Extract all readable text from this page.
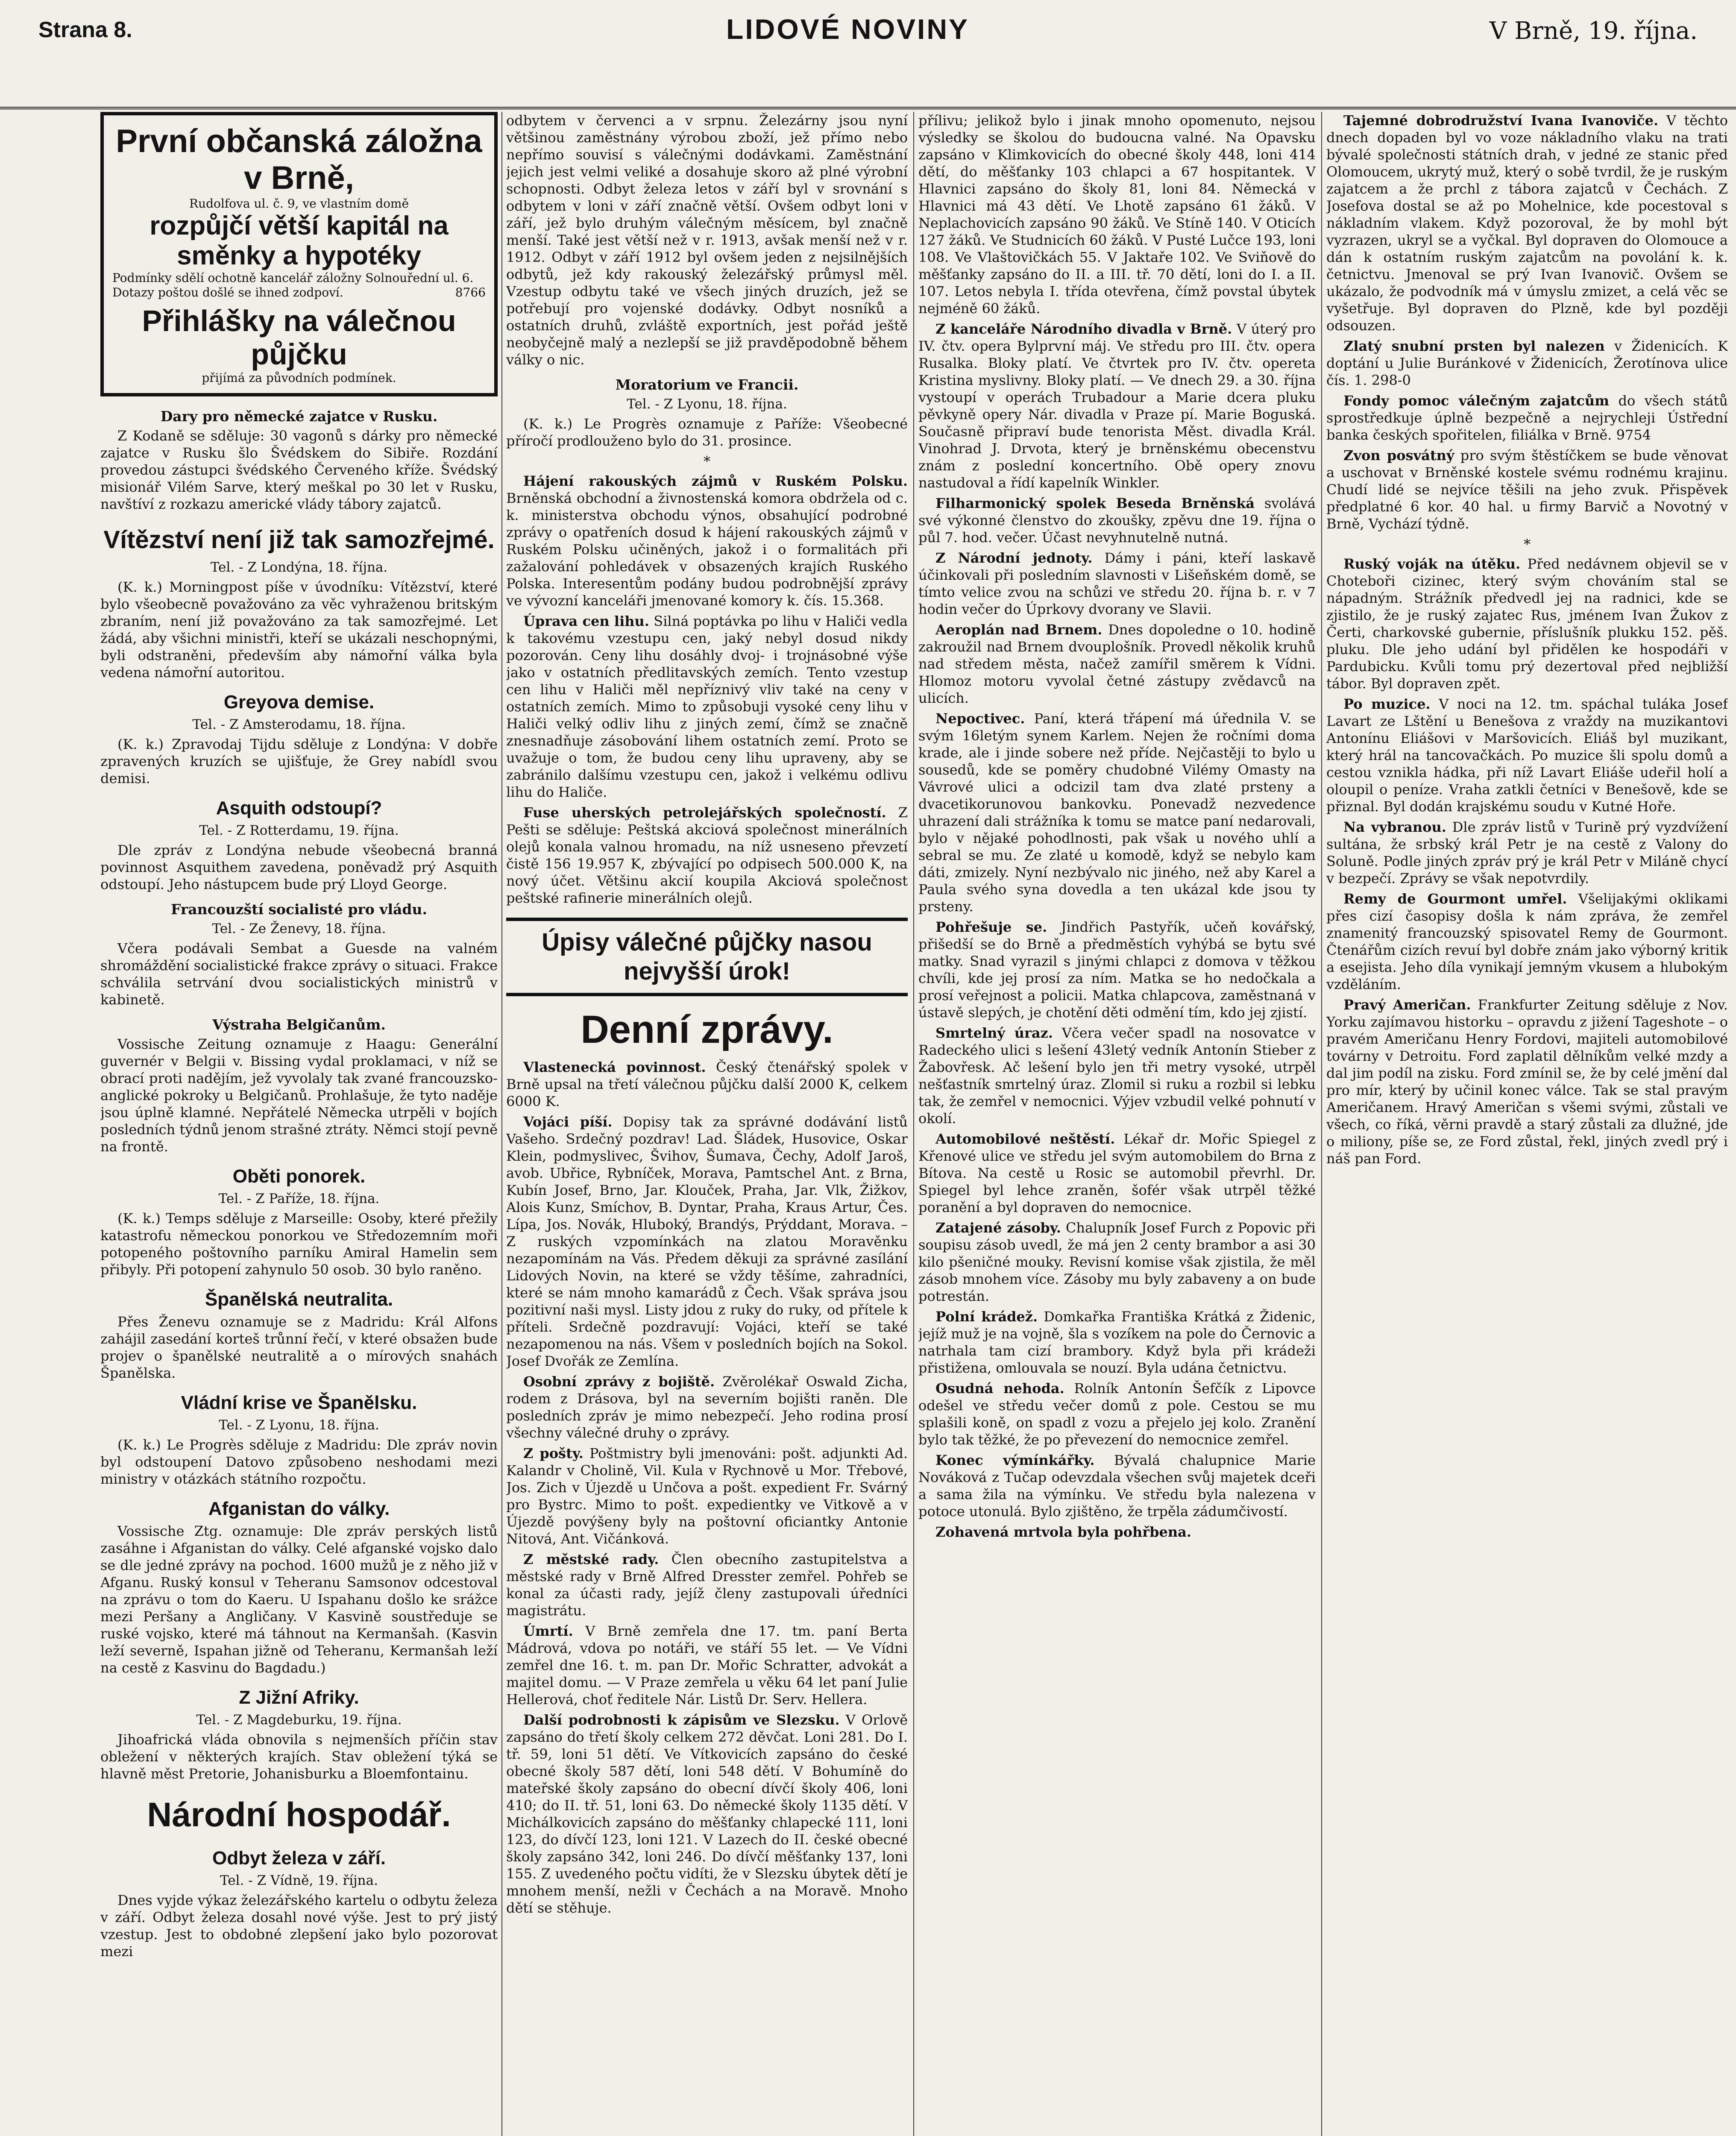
Strana 8.	LIDOVÉ NOVINY	V Brně, 19. října.
První občanská záložna v Brně,
Rudolfova ul. č. 9, ve vlastním domě
rozpůjčí větší kapitál na směnky a hypotéky
Podmínky sdělí ochotně kancelář záložny Solnouřední ul. 6. Dotazy poštou došlé se ihned zodpoví.	8766
Přihlášky na válečnou půjčku
přijímá za původních podmínek.
Dary pro německé zajatce v Rusku.

Z Kodaně se sděluje: 30 vagonů s dárky pro německé zajatce v Rusku šlo Švédskem do Sibiře. Rozdání provedou zástupci švédského Červeného kříže. Švédský misionář Vilém Sarve, který meškal po 30 let v Rusku, navštíví z rozkazu americké vlády tábory zajatců.

Vítězství není již tak samozřejmé.
Tel. - Z Londýna, 18. října.

(K. k.) Morningpost píše v úvodníku: Vítězství, které bylo všeobecně považováno za věc vyhraženou britským zbraním, není již považováno za tak samozřejmé. Let žádá, aby všichni ministři, kteří se ukázali neschopnými, byli odstraněni, především aby námořní válka byla vedena námořní autoritou.

Greyova demise.
Tel. - Z Amsterodamu, 18. října.

(K. k.) Zpravodaj Tijdu sděluje z Londýna: V dobře zpravených kruzích se ujišťuje, že Grey nabídl svou demisi.

Asquith odstoupí?
Tel. - Z Rotterdamu, 19. října.

Dle zpráv z Londýna nebude všeobecná branná povinnost Asquithem zavedena, poněvadž prý Asquith odstoupí. Jeho nástupcem bude prý Lloyd George.

Francouzští socialisté pro vládu.
Tel. - Ze Ženevy, 18. října.

Včera podávali Sembat a Guesde na valném shromáždění socialistické frakce zprávy o situaci. Frakce schválila setrvání dvou socialistických ministrů v kabinetě.

Výstraha Belgičanům.

Vossische Zeitung oznamuje z Haagu: Generální guvernér v Belgii v. Bissing vydal proklamaci, v níž se obrací proti nadějím, jež vyvolaly tak zvané francouzsko-anglické pokroky u Belgičanů. Prohlašuje, že tyto naděje jsou úplně klamné. Nepřátelé Německa utrpěli v bojích posledních týdnů jenom strašné ztráty. Němci stojí pevně na frontě.

Oběti ponorek.
Tel. - Z Paříže, 18. října.

(K. k.) Temps sděluje z Marseille: Osoby, které přežily katastrofu německou ponorkou ve Středozemním moři potopeného poštovního parníku Amiral Hamelin sem přibyly. Při potopení zahynulo 50 osob. 30 bylo raněno.

Španělská neutralita.

Přes Ženevu oznamuje se z Madridu: Král Alfons zahájil zasedání korteš trůnní řečí, v které obsažen bude projev o španělské neutralitě a o mírových snahách Španělska.

Vládní krise ve Španělsku.
Tel. - Z Lyonu, 18. října.

(K. k.) Le Progrès sděluje z Madridu: Dle zpráv novin byl odstoupení Datovo způsobeno neshodami mezi ministry v otázkách státního rozpočtu.

Afganistan do války.

Vossische Ztg. oznamuje: Dle zpráv perských listů zasáhne i Afganistan do války. Celé afganské vojsko dalo se dle jedné zprávy na pochod. 1600 mužů je z něho již v Afganu. Ruský konsul v Teheranu Samsonov odcestoval na zprávu o tom do Kaeru. U Ispahanu došlo ke srážce mezi Peršany a Angličany. V Kasvině soustředuje se ruské vojsko, které má táhnout na Kermanšah. (Kasvin leží severně, Ispahan jižně od Teheranu, Kermanšah leží na cestě z Kasvinu do Bagdadu.)

Z Jižní Afriky.
Tel. - Z Magdeburku, 19. října.

Jihoafrická vláda obnovila s nejmenších příčin stav obležení v některých krajích. Stav obležení týká se hlavně měst Pretorie, Johanisburku a Bloemfontainu.

Národní hospodář.
Odbyt železa v září.
Tel. - Z Vídně, 19. října.

Dnes vyjde výkaz železářského kartelu o odbytu železa v září. Odbyt železa dosahl nové výše. Jest to prý jistý vzestup. Jest to obdobné zlepšení jako bylo pozorovat mezi

odbytem v červenci a v srpnu. Železárny jsou nyní většinou zaměstnány výrobou zboží, jež přímo nebo nepřímo souvisí s válečnými dodávkami. Zaměstnání jejich jest velmi veliké a dosahuje skoro až plné výrobní schopnosti. Odbyt železa letos v září byl v srovnání s odbytem v loni v září značně větší. Ovšem odbyt loni v září, jež bylo druhým válečným měsícem, byl značně menší. Také jest větší než v r. 1913, avšak menší než v r. 1912. Odbyt v září 1912 byl ovšem jeden z nejsilnějších odbytů, jež kdy rakouský železářský průmysl měl. Vzestup odbytu také ve všech jiných druzích, jež se potřebují pro vojenské dodávky. Odbyt nosníků a ostatních druhů, zvláště exportních, jest pořád ještě neobyčejně malý a nezlepší se již pravděpodobně během války o nic.

Moratorium ve Francii.
Tel. - Z Lyonu, 18. října.

(K. k.) Le Progrès oznamuje z Paříže: Všeobecné příročí prodlouženo bylo do 31. prosince.

*

Hájení rakouských zájmů v Ruském Polsku. Brněnská obchodní a živnostenská komora obdržela od c. k. ministerstva obchodu výnos, obsahující podrobné zprávy o opatřeních dosud k hájení rakouských zájmů v Ruském Polsku učiněných, jakož i o formalitách při zažalování pohledávek v obsazených krajích Ruského Polska. Interesentům podány budou podrobnější zprávy ve vývozní kanceláři jmenované komory k. čís. 15.368.

Úprava cen lihu. Silná poptávka po lihu v Haliči vedla k takovému vzestupu cen, jaký nebyl dosud nikdy pozorován. Ceny lihu dosáhly dvoj- i trojnásobné výše jako v ostatních předlitavských zemích. Tento vzestup cen lihu v Haliči měl nepříznivý vliv také na ceny v ostatních zemích. Mimo to způsobuji vysoké ceny lihu v Haliči velký odliv lihu z jiných zemí, čímž se značně znesnadňuje zásobování lihem ostatních zemí. Proto se uvažuje o tom, že budou ceny lihu upraveny, aby se zabránilo dalšímu vzestupu cen, jakož i velkému odlivu lihu do Haliče.

Fuse uherských petrolejářských společností. Z Pešti se sděluje: Peštská akciová společnost minerálních olejů konala valnou hromadu, na níž usneseno převzetí čistě 156 19.957 K, zbývající po odpisech 500.000 K, na nový účet. Většinu akcií koupila Akciová společnost peštské rafinerie minerálních olejů.

Úpisy válečné půjčky nasou nejvyšší úrok!
Denní zprávy.

Vlastenecká povinnost. Český čtenářský spolek v Brně upsal na třetí válečnou půjčku další 2000 K, celkem 6000 K.

Vojáci píší. Dopisy tak za správné dodávání listů Vašeho. Srdečný pozdrav! Lad. Šládek, Husovice, Oskar Klein, podmyslivec, Švihov, Šumava, Čechy, Adolf Jaroš, avob. Ubřice, Rybníček, Morava, Pamtschel Ant. z Brna, Kubín Josef, Brno, Jar. Klouček, Praha, Jar. Vlk, Žižkov, Alois Kunz, Smíchov, B. Dyntar, Praha, Kraus Artur, Čes. Lípa, Jos. Novák, Hluboký, Brandýs, Prýddant, Morava. – Z ruských vzpomínkách na zlatou Moravěnku nezapomínám na Vás. Předem děkuji za správné zasílání Lidových Novin, na které se vždy těšíme, zahradníci, které se nám mnoho kamarádů z Čech. Však správa jsou pozitivní naši mysl. Listy jdou z ruky do ruky, od přítele k příteli. Srdečně pozdravují: Vojáci, kteří se také nezapomenou na nás. Všem v posledních bojích na Sokol. Josef Dvořák ze Zemlína.

Osobní zprávy z bojiště. Zvěrolékař Oswald Zicha, rodem z Drásova, byl na severním bojišti raněn. Dle posledních zpráv je mimo nebezpečí. Jeho rodina prosí všechny válečné druhy o zprávy.

Z pošty. Poštmistry byli jmenováni: pošt. adjunkti Ad. Kalandr v Cholině, Vil. Kula v Rychnově u Mor. Třebové, Jos. Zich v Újezdě u Unčova a pošt. expedient Fr. Svárný pro Bystrc. Mimo to pošt. expedientky ve Vitkově a v Újezdě povýšeny byly na poštovní oficiantky Antonie Nitová, Ant. Vičánková.

Z městské rady. Člen obecního zastupitelstva a městské rady v Brně Alfred Dresster zemřel. Pohřeb se konal za účasti rady, jejíž členy zastupovali úředníci magistrátu.

Úmrtí. V Brně zemřela dne 17. tm. paní Berta Mádrová, vdova po notáři, ve stáří 55 let. — Ve Vídni zemřel dne 16. t. m. pan Dr. Mořic Schratter, advokát a majitel domu. — V Praze zemřela u věku 64 let paní Julie Hellerová, choť ředitele Nár. Listů Dr. Serv. Hellera.

Další podrobnosti k zápisům ve Slezsku. V Orlově zapsáno do třetí školy celkem 272 děvčat. Loni 281. Do I. tř. 59, loni 51 dětí. Ve Vítkovicích zapsáno do české obecné školy 587 dětí, loni 548 dětí. V Bohumíně do mateřské školy zapsáno do obecní dívčí školy 406, loni 410; do II. tř. 51, loni 63. Do německé školy 1135 dětí. V Michálkovicích zapsáno do měšťanky chlapecké 111, loni 123, do dívčí 123, loni 121. V Lazech do II. české obecné školy zapsáno 342, loni 246. Do dívčí měšťanky 137, loni 155. Z uvedeného počtu vidíti, že v Slezsku úbytek dětí je mnohem menší, nežli v Čechách a na Moravě. Mnoho dětí se stěhuje.

přílivu; jelikož bylo i jinak mnoho opomenuto, nejsou výsledky se školou do budoucna valné. Na Opavsku zapsáno v Klimkovicích do obecné školy 448, loni 414 dětí, do měšťanky 103 chlapci a 67 hospitantek. V Hlavnici zapsáno do školy 81, loni 84. Německá v Hlavnici má 43 dětí. Ve Lhotě zapsáno 61 žáků. V Neplachovicích zapsáno 90 žáků. Ve Stíně 140. V Oticích 127 žáků. Ve Studnicích 60 žáků. V Pusté Lučce 193, loni 108. Ve Vlaštovičkách 55. V Jaktaře 102. Ve Sviňově do měšťanky zapsáno do II. a III. tř. 70 dětí, loni do I. a II. 107. Letos nebyla I. třída otevřena, čímž povstal úbytek nejméně 60 žáků.

Z kanceláře Národního divadla v Brně. V úterý pro IV. čtv. opera Bylprvní máj. Ve středu pro III. čtv. opera Rusalka. Bloky platí. Ve čtvrtek pro IV. čtv. opereta Kristina myslivny. Bloky platí. — Ve dnech 29. a 30. října vystoupí v operách Trubadour a Marie dcera pluku pěvkyně opery Nár. divadla v Praze pí. Marie Boguská. Současně připraví bude tenorista Měst. divadla Král. Vinohrad J. Drvota, který je brněnskému obecenstvu znám z poslední koncertního. Obě opery znovu nastudoval a řídí kapelník Winkler.

Filharmonický spolek Beseda Brněnská svolává své výkonné členstvo do zkoušky, zpěvu dne 19. října o půl 7. hod. večer. Účast nevyhnutelně nutná.

Z Národní jednoty. Dámy i páni, kteří laskavě účinkovali při posledním slavnosti v Lišeňském domě, se tímto velice zvou na schůzi ve středu 20. října b. r. v 7 hodin večer do Úprkovy dvorany ve Slavii.

Aeroplán nad Brnem. Dnes dopoledne o 10. hodině zakroužil nad Brnem dvouplošník. Provedl několik kruhů nad středem města, načež zamířil směrem k Vídni. Hlomoz motoru vyvolal četné zástupy zvědavců na ulicích.

Nepoctivec. Paní, která třápení má úřednila V. se svým 16letým synem Karlem. Nejen že ročními doma krade, ale i jinde sobere než příde. Nejčastěji to bylo u sousedů, kde se poměry chudobné Vilémy Omasty na Vávrové ulici a odcizil tam dva zlaté prsteny a dvacetikorunovou bankovku. Ponevadž nezvedence uhrazení dali strážníka k tomu se matce paní nedarovali, bylo v nějaké pohodlnosti, pak však u nového uhlí a sebral se mu. Ze zlaté u komodě, když se nebylo kam dáti, zmizely. Nyní nezbývalo nic jiného, než aby Karel a Paula svého syna dovedla a ten ukázal kde jsou ty prsteny.

Pohřešuje se. Jindřich Pastyřík, učeň kovářský, přišedší se do Brně a předměstích vyhýbá se bytu své matky. Snad vyrazil s jinými chlapci z domova v těžkou chvíli, kde jej prosí za ním. Matka se ho nedočkala a prosí veřejnost a policii. Matka chlapcova, zaměstnaná v ústavě slepých, je chotění děti odmění tím, kdo jej zjistí.

Smrtelný úraz. Včera večer spadl na nosovatce v Radeckého ulici s lešení 43letý vedník Antonín Stieber z Žabovřesk. Ač lešení bylo jen tři metry vysoké, utrpěl nešťastník smrtelný úraz. Zlomil si ruku a rozbil si lebku tak, že zemřel v nemocnici. Výjev vzbudil velké pohnutí v okolí.

Automobilové neštěstí. Lékař dr. Mořic Spiegel z Křenové ulice ve středu jel svým automobilem do Brna z Bítova. Na cestě u Rosic se automobil převrhl. Dr. Spiegel byl lehce zraněn, šofér však utrpěl těžké poranění a byl dopraven do nemocnice.

Zatajené zásoby. Chalupník Josef Furch z Popovic při soupisu zásob uvedl, že má jen 2 centy brambor a asi 30 kilo pšeničné mouky. Revisní komise však zjistila, že měl zásob mnohem více. Zásoby mu byly zabaveny a on bude potrestán.

Polní krádež. Domkařka Františka Krátká z Židenic, jejíž muž je na vojně, šla s vozíkem na pole do Černovic a natrhala tam cizí brambory. Když byla při krádeži přistižena, omlouvala se nouzí. Byla udána četnictvu.

Osudná nehoda. Rolník Antonín Šefčík z Lipovce odešel ve středu večer domů z pole. Cestou se mu splašili koně, on spadl z vozu a přejelo jej kolo. Zranění bylo tak těžké, že po převezení do nemocnice zemřel.

Konec výmínkářky. Bývalá chalupnice Marie Nováková z Tučap odevzdala všechen svůj majetek dceři a sama žila na výmínku. Ve středu byla nalezena v potoce utonulá. Bylo zjištěno, že trpěla zádumčivostí.

Zohavená mrtvola byla pohřbena.

Tajemné dobrodružství Ivana Ivanoviče. V těchto dnech dopaden byl vo voze nákladního vlaku na trati bývalé společnosti státních drah, v jedné ze stanic před Olomoucem, ukrytý muž, který o sobě tvrdil, že je ruským zajatcem a že prchl z tábora zajatců v Čechách. Z Josefova dostal se až po Mohelnice, kde pocestoval s nákladním vlakem. Když pozoroval, že by mohl být vyzrazen, ukryl se a vyčkal. Byl dopraven do Olomouce a dán k ostatním ruským zajatcům na povolání k. k. četnictvu. Jmenoval se prý Ivan Ivanovič. Ovšem se ukázalo, že podvodník má v úmyslu zmizet, a celá věc se vyšetřuje. Byl dopraven do Plzně, kde byl později odsouzen.

Zlatý snubní prsten byl nalezen v Židenicích. K doptání u Julie Buránkové v Židenicích, Žerotínova ulice čís. 1. 298-0

Fondy pomoc válečným zajatcům do všech států sprostředkuje úplně bezpečně a nejrychleji Ústřední banka českých spořitelen, filiálka v Brně. 9754

Zvon posvátný pro svým štěstíčkem se bude věnovat a uschovat v Brněnské kostele svému rodnému krajinu. Chudí lidé se nejvíce těšili na jeho zvuk. Přispěvek předplatné 6 kor. 40 hal. u firmy Barvič a Novotný v Brně, Vychází týdně.

*

Ruský voják na útěku. Před nedávnem objevil se v Choteboři cizinec, který svým chováním stal se nápadným. Strážník předvedl jej na radnici, kde se zjistilo, že je ruský zajatec Rus, jménem Ivan Žukov z Čerti, charkovské gubernie, příslušník plukku 152. pěš. pluku. Dle jeho udání byl přidělen ke hospodáři v Pardubicku. Kvůli tomu prý dezertoval před nejbližší tábor. Byl dopraven zpět.

Po muzice. V noci na 12. tm. spáchal tuláka Josef Lavart ze Lštění u Benešova z vraždy na muzikantovi Antonínu Eliášovi v Maršovicích. Eliáš byl muzikant, který hrál na tancovačkách. Po muzice šli spolu domů a cestou vznikla hádka, při níž Lavart Eliáše udeřil holí a oloupil o peníze. Vraha zatkli četníci v Benešově, kde se přiznal. Byl dodán krajskému soudu v Kutné Hoře.

Na vybranou. Dle zpráv listů v Turině prý vyzdvížení sultána, že srbský král Petr je na cestě z Valony do Soluně. Podle jiných zpráv prý je král Petr v Miláně chycí v bezpečí. Zprávy se však nepotvrdily.

Remy de Gourmont umřel. Všelijakými oklikami přes cizí časopisy došla k nám zpráva, že zemřel znamenitý francouzský spisovatel Remy de Gourmont. Čtenářům cizích revuí byl dobře znám jako výborný kritik a esejista. Jeho díla vynikají jemným vkusem a hlubokým vzděláním.

Pravý Američan. Frankfurter Zeitung sděluje z Nov. Yorku zajímavou historku – opravdu z jižení Tageshote – o pravém Američanu Henry Fordovi, majiteli automobilové továrny v Detroitu. Ford zaplatil dělníkům velké mzdy a dal jim podíl na zisku. Ford zmínil se, že by celé jmění dal pro mír, který by učinil konec válce. Tak se stal pravým Američanem. Hravý Američan s všemi svými, zůstali ve všech, co říká, věrni pravdě a starý zůstali za dlužné, jde o miliony, píše se, ze Ford zůstal, řekl, jiných zvedl prý i náš pan Ford.
